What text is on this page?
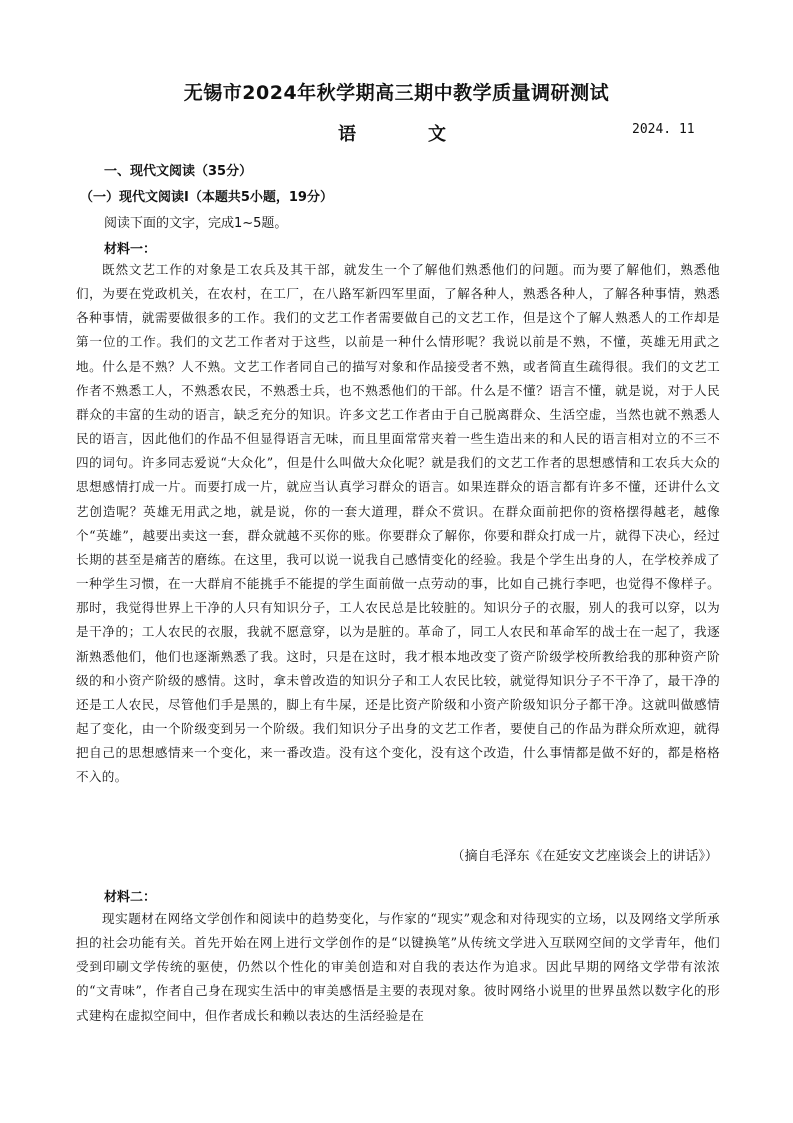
无锡市2024年秋学期高三期中教学质量调研测试
语	文	2024. 11
一、现代文阅读（35分）
（一）现代文阅读Ⅰ（本题共5小题，19分）
阅读下面的文字，完成1~5题。
材料一：

既然文艺工作的对象是工农兵及其干部，就发生一个了解他们熟悉他们的问题。而为要了解他们，熟悉他们，为要在党政机关，在农村，在工厂，在八路军新四军里面，了解各种人，熟悉各种人，了解各种事情，熟悉各种事情，就需要做很多的工作。我们的文艺工作者需要做自己的文艺工作，但是这个了解人熟悉人的工作却是第一位的工作。我们的文艺工作者对于这些，以前是一种什么情形呢？我说以前是不熟，不懂，英雄无用武之地。什么是不熟？人不熟。文艺工作者同自己的描写对象和作品接受者不熟，或者简直生疏得很。我们的文艺工作者不熟悉工人，不熟悉农民，不熟悉士兵，也不熟悉他们的干部。什么是不懂？语言不懂，就是说，对于人民群众的丰富的生动的语言，缺乏充分的知识。许多文艺工作者由于自己脱离群众、生活空虚，当然也就不熟悉人民的语言，因此他们的作品不但显得语言无味，而且里面常常夹着一些生造出来的和人民的语言相对立的不三不四的词句。许多同志爱说“大众化”，但是什么叫做大众化呢？就是我们的文艺工作者的思想感情和工农兵大众的思想感情打成一片。而要打成一片，就应当认真学习群众的语言。如果连群众的语言都有许多不懂，还讲什么文艺创造呢？英雄无用武之地，就是说，你的一套大道理，群众不赏识。在群众面前把你的资格摆得越老，越像个“英雄”，越要出卖这一套，群众就越不买你的账。你要群众了解你，你要和群众打成一片，就得下决心，经过长期的甚至是痛苦的磨练。在这里，我可以说一说我自己感情变化的经验。我是个学生出身的人，在学校养成了一种学生习惯，在一大群肩不能挑手不能提的学生面前做一点劳动的事，比如自己挑行李吧，也觉得不像样子。那时，我觉得世界上干净的人只有知识分子，工人农民总是比较脏的。知识分子的衣服，别人的我可以穿，以为是干净的；工人农民的衣服，我就不愿意穿，以为是脏的。革命了，同工人农民和革命军的战士在一起了，我逐渐熟悉他们，他们也逐渐熟悉了我。这时，只是在这时，我才根本地改变了资产阶级学校所教给我的那种资产阶级的和小资产阶级的感情。这时，拿未曾改造的知识分子和工人农民比较，就觉得知识分子不干净了，最干净的还是工人农民，尽管他们手是黑的，脚上有牛屎，还是比资产阶级和小资产阶级知识分子都干净。这就叫做感情起了变化，由一个阶级变到另一个阶级。我们知识分子出身的文艺工作者，要使自己的作品为群众所欢迎，就得把自己的思想感情来一个变化，来一番改造。没有这个变化，没有这个改造，什么事情都是做不好的，都是格格不入的。

（摘自毛泽东《在延安文艺座谈会上的讲话》）
材料二：

现实题材在网络文学创作和阅读中的趋势变化，与作家的“现实”观念和对待现实的立场，以及网络文学所承担的社会功能有关。首先开始在网上进行文学创作的是“以键换笔”从传统文学进入互联网空间的文学青年，他们受到印刷文学传统的驱使，仍然以个性化的审美创造和对自我的表达作为追求。因此早期的网络文学带有浓浓的“文青味”，作者自己身在现实生活中的审美感悟是主要的表现对象。彼时网络小说里的世界虽然以数字化的形式建构在虚拟空间中，但作者成长和赖以表达的生活经验是在
